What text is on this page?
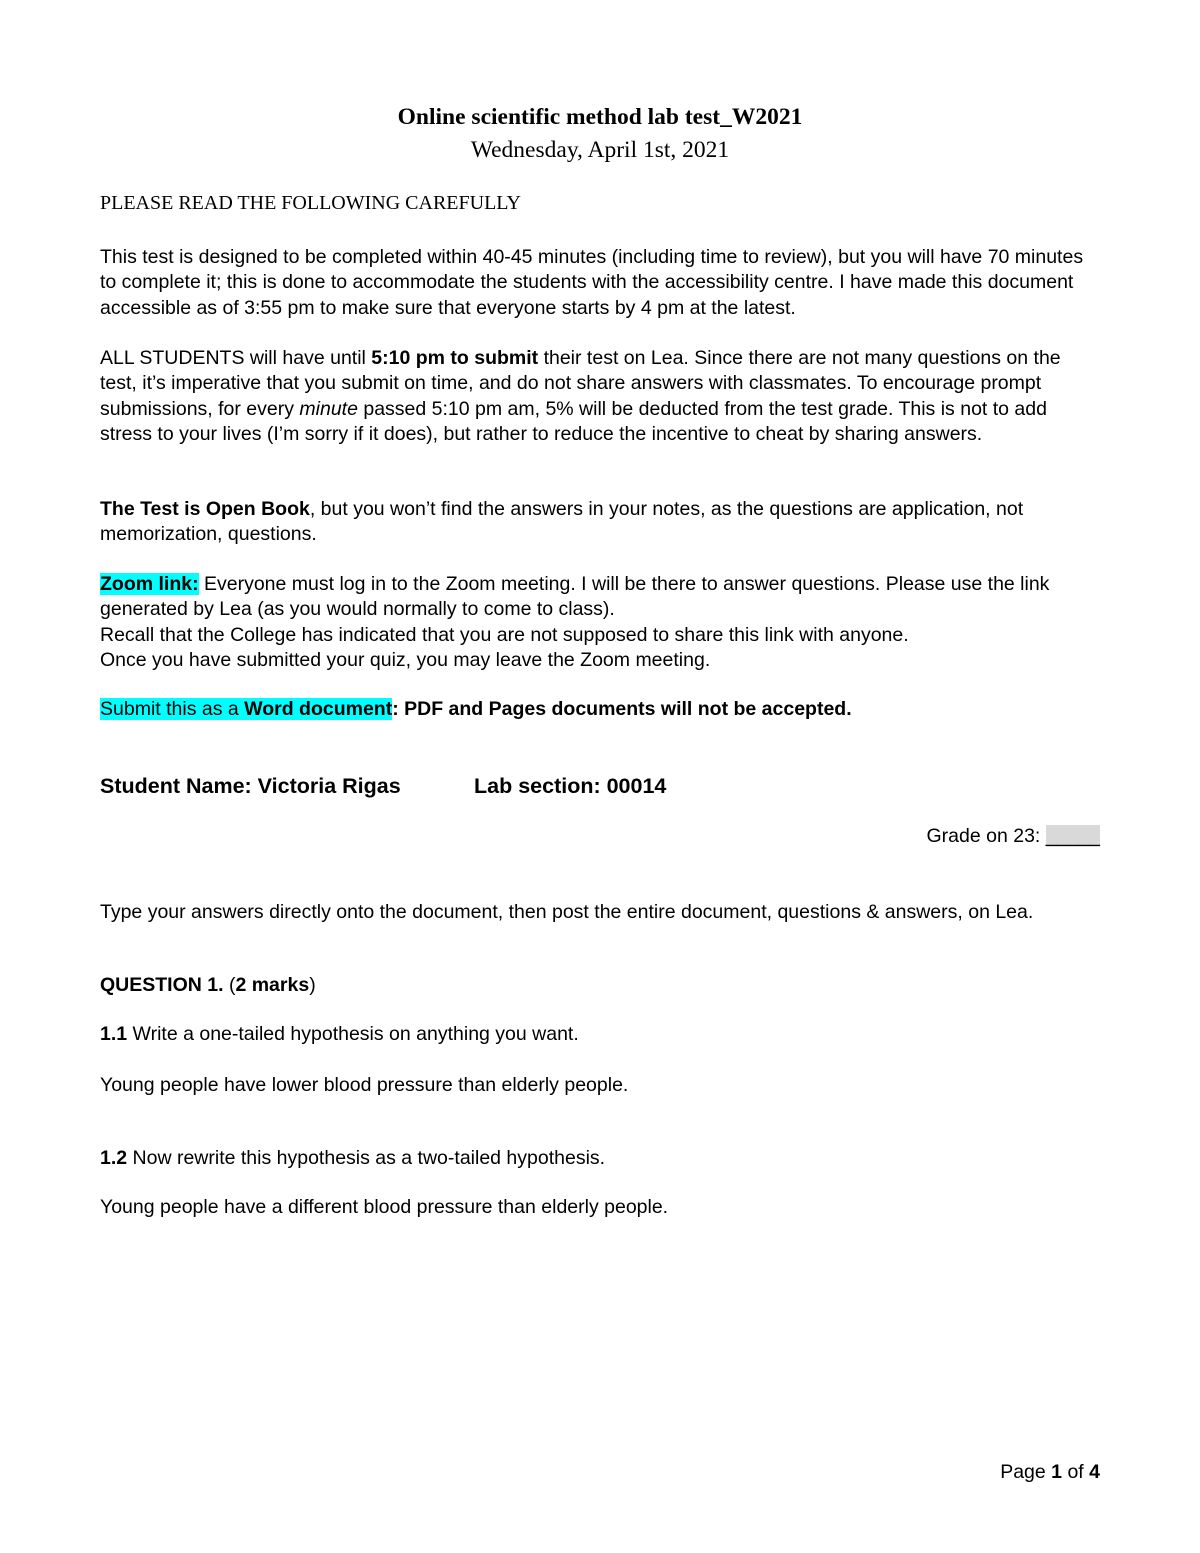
Online scientific method lab test_W2021
Wednesday, April 1st, 2021
PLEASE READ THE FOLLOWING CAREFULLY

This test is designed to be completed within 40-45 minutes (including time to review), but you will have 70 minutes to complete it; this is done to accommodate the students with the accessibility centre. I have made this document accessible as of 3:55 pm to make sure that everyone starts by 4 pm at the latest.

ALL STUDENTS will have until 5:10 pm to submit their test on Lea. Since there are not many questions on the test, it’s imperative that you submit on time, and do not share answers with classmates. To encourage prompt submissions, for every minute passed 5:10 pm am, 5% will be deducted from the test grade. This is not to add stress to your lives (I’m sorry if it does), but rather to reduce the incentive to cheat by sharing answers.

The Test is Open Book, but you won’t find the answers in your notes, as the questions are application, not memorization, questions.

Zoom link: Everyone must log in to the Zoom meeting. I will be there to answer questions. Please use the link generated by Lea (as you would normally to come to class).

Recall that the College has indicated that you are not supposed to share this link with anyone.

Once you have submitted your quiz, you may leave the Zoom meeting.

Submit this as a Word document: PDF and Pages documents will not be accepted.

Student Name: Victoria Rigas	Lab section: 00014
Grade on 23: _____

Type your answers directly onto the document, then post the entire document, questions & answers, on Lea.

QUESTION 1. (2 marks)

1.1 Write a one-tailed hypothesis on anything you want.

Young people have lower blood pressure than elderly people.

1.2 Now rewrite this hypothesis as a two-tailed hypothesis.

Young people have a different blood pressure than elderly people.

Page 1 of 4
